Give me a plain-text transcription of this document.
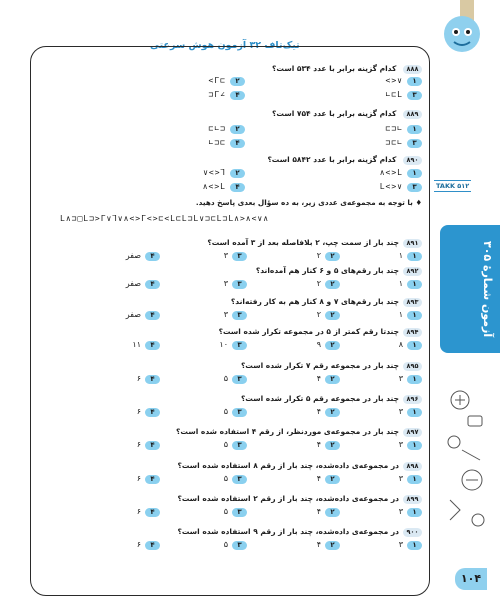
تیک‌تاف ۳۲ آزمون هوش سرعتی
TAKK ۵۱۲
آزمون شمارهٔ ۳۰۵
۱۰۴
۸۸۸ کدام گزینه برابر با عدد ۵۳۴ است؟
۱<>∨
۲<Γ⊏
۳∟⊏L
۴⊐Γ∠
۸۸۹ کدام گزینه برابر با عدد ۷۵۴ است؟
۱⊏⊐∟
۲⊏∟⊐
۳⊐⊏∟
۴∟⊐⊏
۸۹۰ کدام گزینه برابر با عدد ۵۸۴۲ است؟
۱∧<>L
۲∨<>⅂
۳L<>∨
۴∧<>L
♦ با توجه به مجموعه‌ی عددی زیر، به ده سؤال بعدی پاسخ دهید.
L∧⊐□L⊐>Γ∨⅂∨∧<>Γ<>⊏<L⊏L⊐L∨⊐⊏L⊐L∧>∧<∨∧
۸۹۱چند بار از سمت چپ، ۲ بلافاصله بعد از ۳ آمده است؟
۱۱
۲۲
۳۳
۴صفر
۸۹۲چند بار رقم‌های ۵ و ۶ کنار هم آمده‌اند؟
۱۱
۲۲
۳۳
۴صفر
۸۹۳چند بار رقم‌های ۷ و ۸ کنار هم به کار رفته‌اند؟
۱۱
۲۲
۳۳
۴صفر
۸۹۴چندتا رقم کمتر از ۵ در مجموعه تکرار شده است؟
۱۸
۲۹
۳۱۰
۴۱۱
۸۹۵چند بار در مجموعه رقم ۷ تکرار شده است؟
۱۳
۲۴
۳۵
۴۶
۸۹۶چند بار در مجموعه رقم ۵ تکرار شده است؟
۱۳
۲۴
۳۵
۴۶
۸۹۷چند بار در مجموعه‌ی موردنظر، از رقم ۴ استفاده شده است؟
۱۳
۲۴
۳۵
۴۶
۸۹۸در مجموعه‌ی داده‌شده، چند بار از رقم ۸ استفاده شده است؟
۱۳
۲۴
۳۵
۴۶
۸۹۹در مجموعه‌ی داده‌شده، چند بار از رقم ۲ استفاده شده است؟
۱۳
۲۴
۳۵
۴۶
۹۰۰در مجموعه‌ی داده‌شده، چند بار از رقم ۹ استفاده شده است؟
۱۳
۲۴
۳۵
۴۶
